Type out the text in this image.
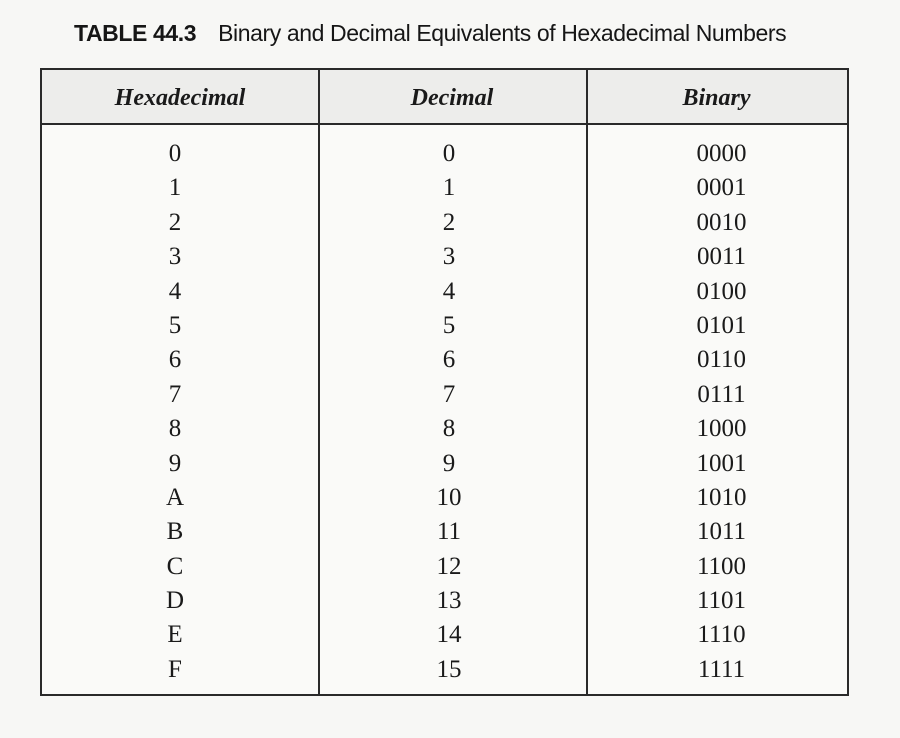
TABLE 44.3 Binary and Decimal Equivalents of Hexadecimal Numbers
Hexadecimal	Decimal	Binary
0	0	0000
1	1	0001
2	2	0010
3	3	0011
4	4	0100
5	5	0101
6	6	0110
7	7	0111
8	8	1000
9	9	1001
A	10	1010
B	11	1011
C	12	1100
D	13	1101
E	14	1110
F	15	1111
